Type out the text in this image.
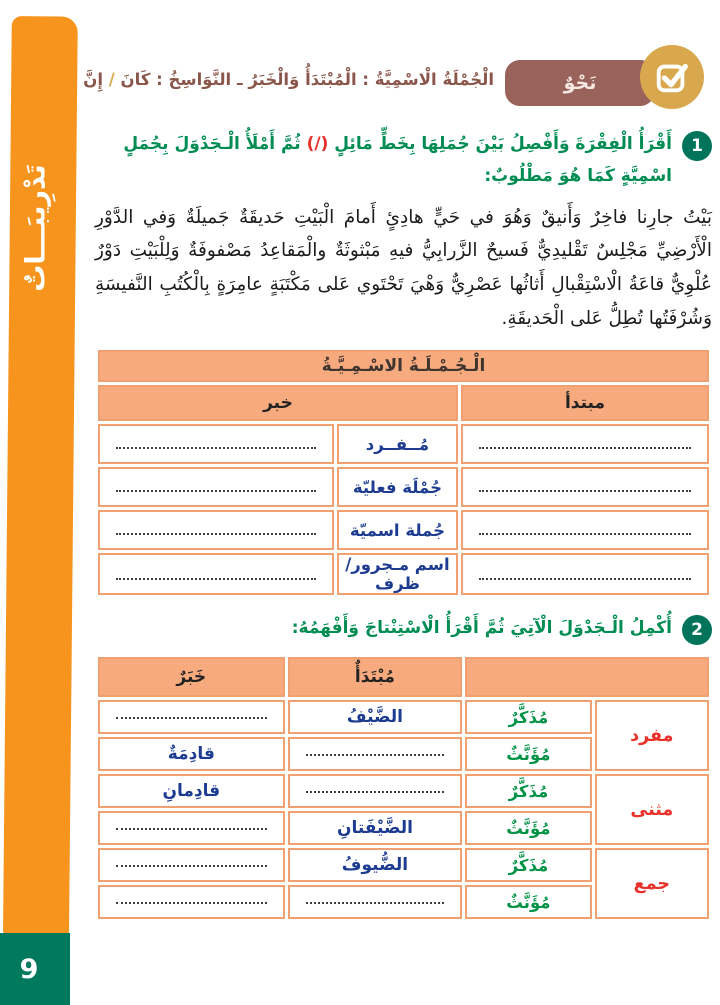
تَدْرِيبَـــاتٌ
9
نَحْوٌ
الْجُمْلَةُ الْاسْمِيَّةُ : الْمُبْتَدَأُ وَالْخَبَرُ ـ النَّوَاسِخُ : كَانَ / إِنَّ
1

أَقْرَأُ الْفِقْرَةَ وَأَفْصِلُ بَيْنَ جُمَلِهَا بِخَطٍّ مَائِلٍ (/) ثُمَّ أَمْلَأُ الْـجَدْوَلَ بِجُمَلٍ اسْمِيَّةٍ كَمَا هُوَ مَطْلُوبٌ:

بَيْتُ جارِنا فاخِرٌ وَأَنيقٌ وَهُوَ في حَيٍّ هادِئٍ أَمامَ الْبَيْتِ حَديقَةٌ جَميلَةٌ وَفي الدَّوْرِ الْأَرْضِيِّ مَجْلِسٌ تَقْليدِيٌّ فَسيحٌ الزَّرابِيُّ فيهِ مَبْثوثَةٌ والْمَقاعِدُ مَصْفوفَةٌ وَلِلْبَيْتِ دَوْرٌ عُلْوِيٌّ قاعَةُ الْاسْتِقْبالِ أَثاثُها عَصْرِيٌّ وَهْيَ تَحْتَوي عَلى مَكْتَبَةٍ عامِرَةٍ بِالْكُتُبِ النَّفيسَةِ وَشُرْفَتُها تُطِلُّ عَلى الْحَديقَةِ.

الْـجُـمْـلَـةُ الاسْـمِـيَّـةُ		
مبتدأ	خبر	

	مُــفــرد	

	جُمْلَة فعليّة	

	جُملة اسميّة	

	اسم مـجرور/ظرف	
2

أُكْمِلُ الْـجَدْوَلَ الْآتِيَ ثُمَّ أَقْرَأُ الْاسْتِنْتاجَ وَأَفْهَمُهُ:

		مُبْتَدَأٌ	خَبَرٌ
مفرد	مُذَكَّرٌ	الضَّيْفُ	

	مُؤَنَّثٌ		قادِمَةٌ
مثنى	مُذَكَّرٌ		قادِمانِ
	مُؤَنَّثٌ	الضَّيْفَتانِ	

جمع	مُذَكَّرٌ	الضُّيوفُ	

	مُؤَنَّثٌ	
